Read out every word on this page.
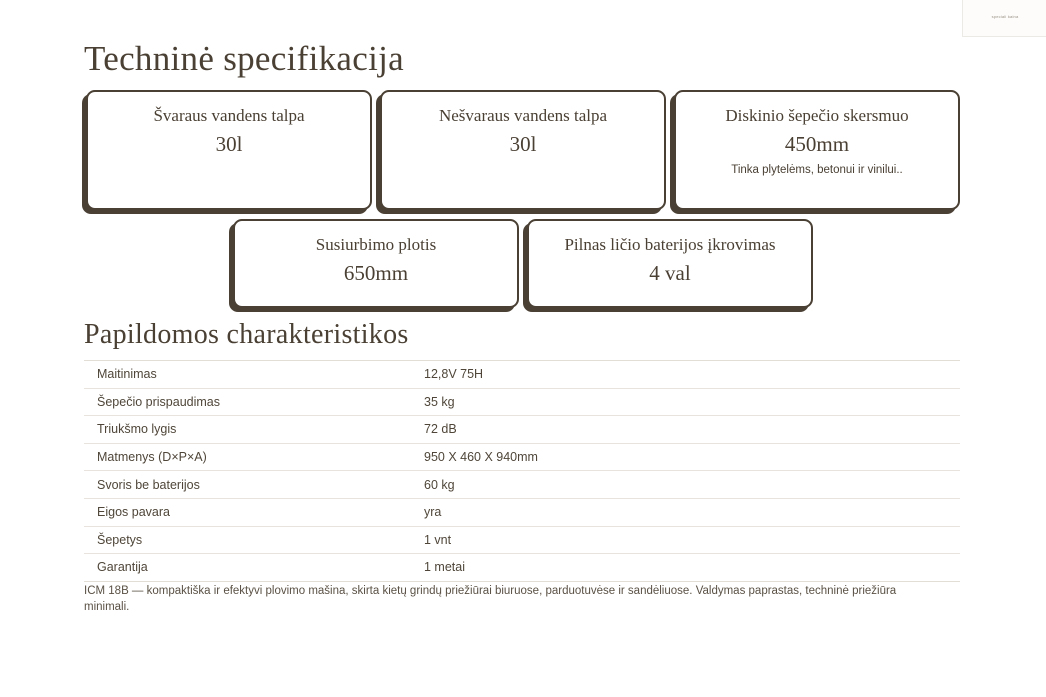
speciali kaina
Techninė specifikacija
Švaraus vandens talpa
30l
Nešvaraus vandens talpa
30l
Diskinio šepečio skersmuo
450mm
Tinka plytelėms, betonui ir vinilui..
Susiurbimo plotis
650mm
Pilnas ličio baterijos įkrovimas
4 val
Papildomos charakteristikos
Maitinimas	12,8V 75H
Šepečio prispaudimas	35 kg
Triukšmo lygis	72 dB
Matmenys (D×P×A)	950 X 460 X 940mm
Svoris be baterijos	60 kg
Eigos pavara	yra
Šepetys	1 vnt
Garantija	1 metai
ICM 18B — kompaktiška ir efektyvi plovimo mašina, skirta kietų grindų priežiūrai biuruose, parduotuvėse ir sandėliuose. Valdymas paprastas, techninė priežiūra minimali.
